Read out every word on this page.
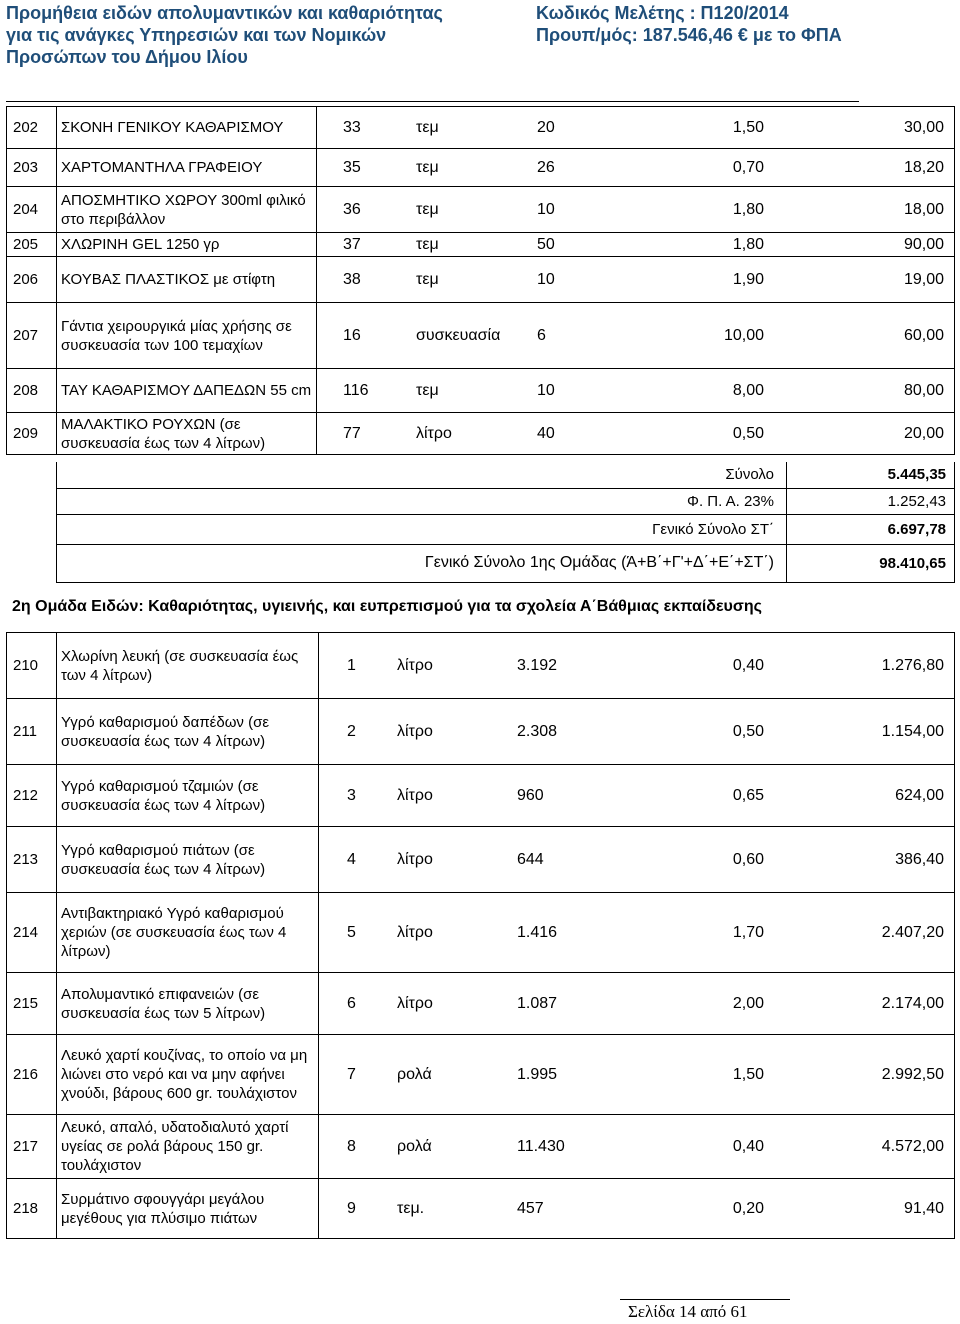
Προμήθεια ειδών απολυμαντικών και καθαριότητας
για τις ανάγκες Υπηρεσιών και των Νομικών
Προσώπων του Δήμου Ιλίου
Κωδικός Μελέτης : Π120/2014
Προυπ/μός: 187.546,46 € με το ΦΠΑ
202	ΣΚΟΝΗ ΓΕΝΙΚΟΥ ΚΑΘΑΡΙΣΜΟΥ	33 τεμ 20 1,50 30,00

203	ΧΑΡΤΟΜΑΝΤΗΛΑ ΓΡΑΦΕΙΟΥ	35 τεμ 26 0,70 18,20

204	ΑΠΟΣΜΗΤΙΚΟ ΧΩΡΟΥ 300ml φιλικό στο περιβάλλον	36 τεμ 10 1,80 18,00

205	ΧΛΩΡΙΝΗ GEL 1250 γρ	37 τεμ 50 1,80 90,00

206	ΚΟΥΒΑΣ ΠΛΑΣΤΙΚΟΣ με στίφτη	38 τεμ 10 1,90 19,00

207	Γάντια χειρουργικά μίας χρήσης σε συσκευασία των 100 τεμαχίων	16 συσκευασία 6 10,00 60,00

208	ΤΑΥ ΚΑΘΑΡΙΣΜΟΥ ΔΑΠΕΔΩΝ 55 cm	116 τεμ 10 8,00 80,00

209	ΜΑΛΑΚΤΙΚΟ ΡΟΥΧΩΝ (σε συσκευασία έως των 4 λίτρων)	77 λίτρο 40 0,50 20,00
Σύνολο	5.445,35
Φ. Π. Α. 23%	1.252,43
Γενικό Σύνολο ΣΤ΄	6.697,78
Γενικό Σύνολο 1ης Ομάδας (Ά+Β΄+Γ'+Δ΄+Ε΄+ΣΤ΄)	98.410,65
2η Ομάδα Ειδών: Καθαριότητας, υγιεινής, και ευπρεπισμού για τα σχολεία Α΄Βάθμιας εκπαίδευσης
210	Χλωρίνη λευκή (σε συσκευασία έως των 4 λίτρων)	1 λίτρο 3.192 0,40 1.276,80

211	Υγρό καθαρισμού δαπέδων (σε συσκευασία έως των 4 λίτρων)	2 λίτρο 2.308 0,50 1.154,00

212	Υγρό καθαρισμού τζαμιών (σε συσκευασία έως των 4 λίτρων)	3 λίτρο 960 0,65 624,00

213	Υγρό καθαρισμού πιάτων (σε συσκευασία έως των 4 λίτρων)	4 λίτρο 644 0,60 386,40

214	Αντιβακτηριακό Υγρό καθαρισμού χεριών (σε συσκευασία έως των 4 λίτρων)	5 λίτρο 1.416 1,70 2.407,20

215	Απολυμαντικό επιφανειών (σε συσκευασία έως των 5 λίτρων)	6 λίτρο 1.087 2,00 2.174,00

216	Λευκό χαρτί κουζίνας, το οποίο να μη λιώνει στο νερό και να μην αφήνει χνούδι, βάρους 600 gr. τουλάχιστον	7 ρολά 1.995 1,50 2.992,50

217	Λευκό, απαλό, υδατοδιαλυτό χαρτί υγείας σε ρολά βάρους 150 gr. τουλάχιστον	8 ρολά 11.430 0,40 4.572,00

218	Συρμάτινο σφουγγάρι μεγάλου μεγέθους για πλύσιμο πιάτων	9 τεμ. 457 0,20 91,40
Σελίδα 14 από 61
